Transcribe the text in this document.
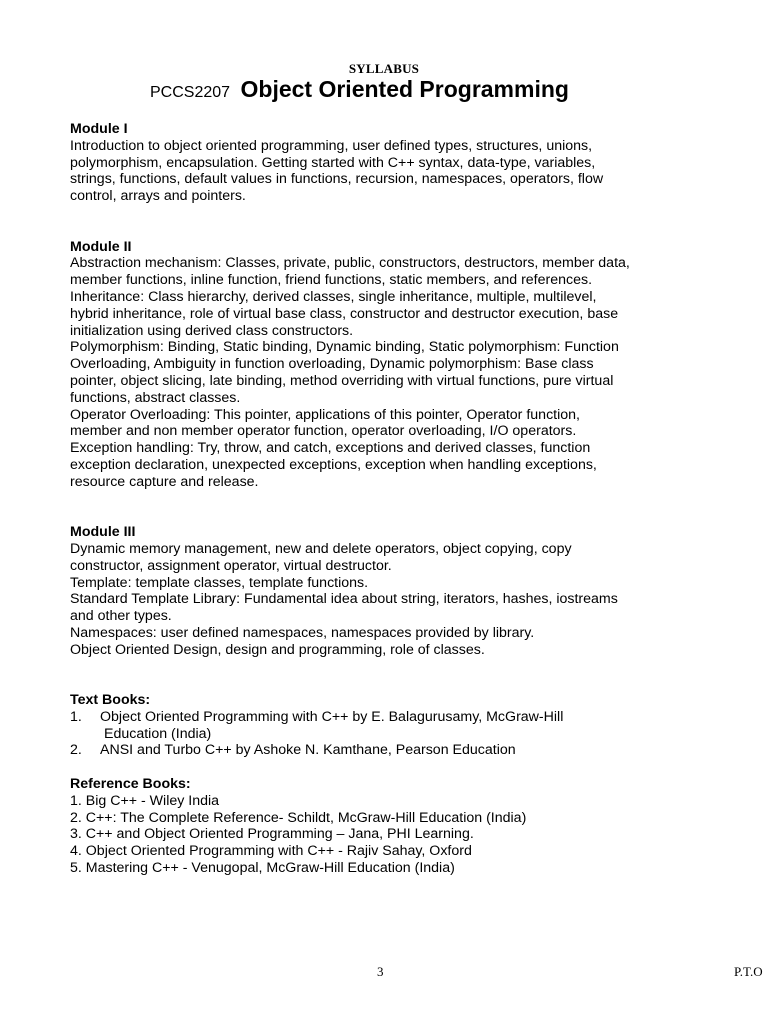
SYLLABUS
PCCS2207 Object Oriented Programming
Module I
Introduction to object oriented programming, user defined types, structures, unions,
polymorphism, encapsulation. Getting started with C++ syntax, data-type, variables,
strings, functions, default values in functions, recursion, namespaces, operators, flow
control, arrays and pointers.
Module II
Abstraction mechanism: Classes, private, public, constructors, destructors, member data,
member functions, inline function, friend functions, static members, and references.
Inheritance: Class hierarchy, derived classes, single inheritance, multiple, multilevel,
hybrid inheritance, role of virtual base class, constructor and destructor execution, base
initialization using derived class constructors.
Polymorphism: Binding, Static binding, Dynamic binding, Static polymorphism: Function
Overloading, Ambiguity in function overloading, Dynamic polymorphism: Base class
pointer, object slicing, late binding, method overriding with virtual functions, pure virtual
functions, abstract classes.
Operator Overloading: This pointer, applications of this pointer, Operator function,
member and non member operator function, operator overloading, I/O operators.
Exception handling: Try, throw, and catch, exceptions and derived classes, function
exception declaration, unexpected exceptions, exception when handling exceptions,
resource capture and release.
Module III
Dynamic memory management, new and delete operators, object copying, copy
constructor, assignment operator, virtual destructor.
Template: template classes, template functions.
Standard Template Library: Fundamental idea about string, iterators, hashes, iostreams
and other types.
Namespaces: user defined namespaces, namespaces provided by library.
Object Oriented Design, design and programming, role of classes.
Text Books:
1. Object Oriented Programming with C++ by E. Balagurusamy, McGraw-Hill
Education (India)
2. ANSI and Turbo C++ by Ashoke N. Kamthane, Pearson Education
Reference Books:
1. Big C++ - Wiley India
2. C++: The Complete Reference- Schildt, McGraw-Hill Education (India)
3. C++ and Object Oriented Programming – Jana, PHI Learning.
4. Object Oriented Programming with C++ - Rajiv Sahay, Oxford
5. Mastering C++ - Venugopal, McGraw-Hill Education (India)
3	P.T.O
